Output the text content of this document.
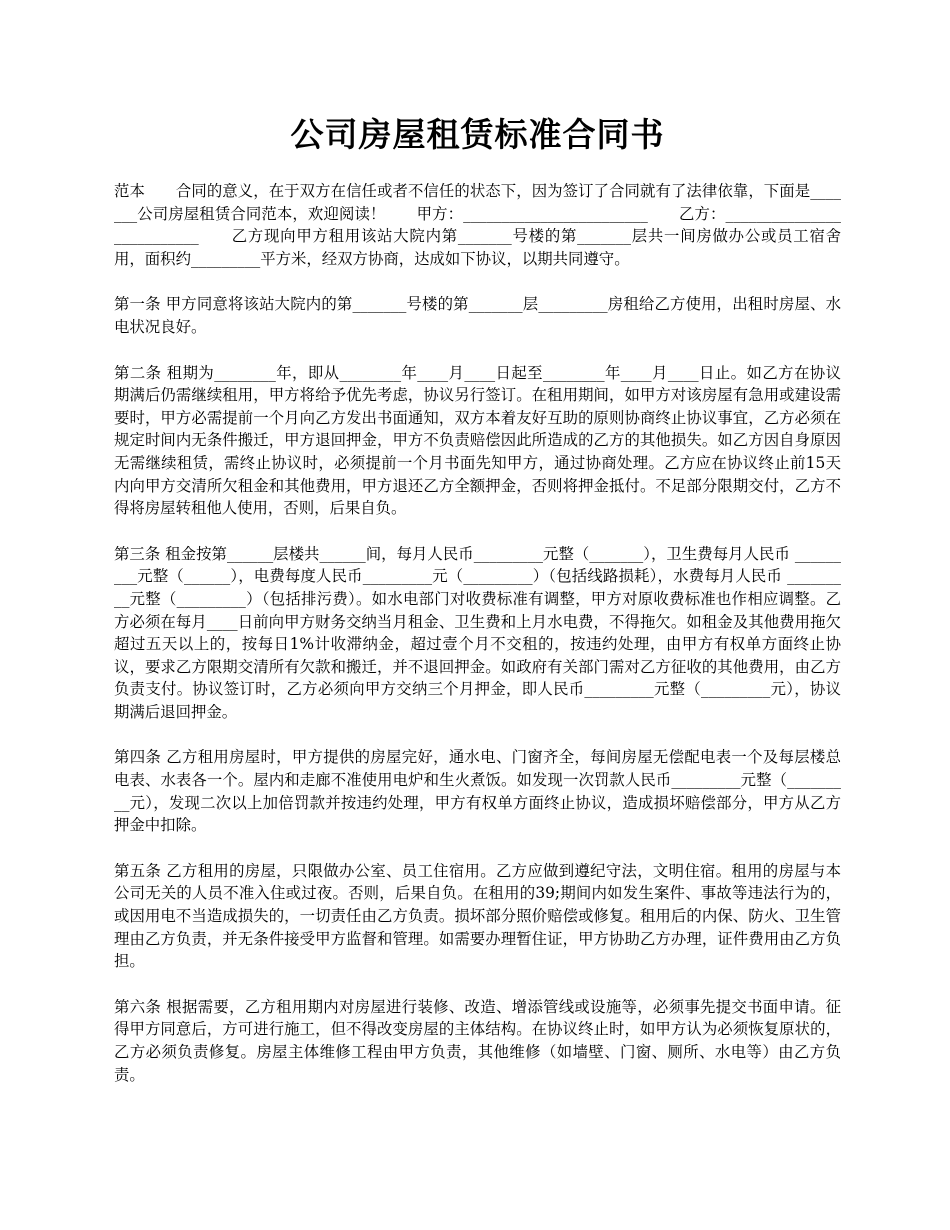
公司房屋租赁标准合同书

范本　　合同的意义，在于双方在信任或者不信任的状态下，因为签订了合同就有了法律依靠，下面是_______公司房屋租赁合同范本，欢迎阅读！　　甲方：________________________　　乙方：__________________________　　乙方现向甲方租用该站大院内第_______号楼的第_______层共一间房做办公或员工宿舍用，面积约_________平方米，经双方协商，达成如下协议，以期共同遵守。

第一条 甲方同意将该站大院内的第_______号楼的第_______层_________房租给乙方使用，出租时房屋、水电状况良好。

第二条 租期为________年，即从________年____月____日起至________年____月____日止。如乙方在协议期满后仍需继续租用，甲方将给予优先考虑，协议另行签订。在租用期间，如甲方对该房屋有急用或建设需要时，甲方必需提前一个月向乙方发出书面通知，双方本着友好互助的原则协商终止协议事宜，乙方必须在规定时间内无条件搬迁，甲方退回押金，甲方不负责赔偿因此所造成的乙方的其他损失。如乙方因自身原因无需继续租赁，需终止协议时，必须提前一个月书面先知甲方，通过协商处理。乙方应在协议终止前15天内向甲方交清所欠租金和其他费用，甲方退还乙方全额押金，否则将押金抵付。不足部分限期交付，乙方不得将房屋转租他人使用，否则，后果自负。

第三条 租金按第______层楼共______间，每月人民币_________元整（_______），卫生费每月人民币 _________元整（______），电费每度人民币_________元（_________）（包括线路损耗），水费每月人民币 _________元整（_________）（包括排污费）。如水电部门对收费标准有调整，甲方对原收费标准也作相应调整。乙方必须在每月____日前向甲方财务交纳当月租金、卫生费和上月水电费，不得拖欠。如租金及其他费用拖欠超过五天以上的，按每日1%计收滞纳金，超过壹个月不交租的，按违约处理，由甲方有权单方面终止协议，要求乙方限期交清所有欠款和搬迁，并不退回押金。如政府有关部门需对乙方征收的其他费用，由乙方负责支付。协议签订时，乙方必须向甲方交纳三个月押金，即人民币_________元整（_________元），协议期满后退回押金。

第四条 乙方租用房屋时，甲方提供的房屋完好，通水电、门窗齐全，每间房屋无偿配电表一个及每层楼总电表、水表各一个。屋内和走廊不准使用电炉和生火煮饭。如发现一次罚款人民币_________元整（_________元），发现二次以上加倍罚款并按违约处理，甲方有权单方面终止协议，造成损坏赔偿部分，甲方从乙方押金中扣除。

第五条 乙方租用的房屋，只限做办公室、员工住宿用。乙方应做到遵纪守法，文明住宿。租用的房屋与本公司无关的人员不准入住或过夜。否则，后果自负。在租用的39;期间内如发生案件、事故等违法行为的，或因用电不当造成损失的，一切责任由乙方负责。损坏部分照价赔偿或修复。租用后的内保、防火、卫生管理由乙方负责，并无条件接受甲方监督和管理。如需要办理暂住证，甲方协助乙方办理，证件费用由乙方负担。

第六条 根据需要，乙方租用期内对房屋进行装修、改造、增添管线或设施等，必须事先提交书面申请。征得甲方同意后，方可进行施工，但不得改变房屋的主体结构。在协议终止时，如甲方认为必须恢复原状的，乙方必须负责修复。房屋主体维修工程由甲方负责，其他维修（如墙壁、门窗、厕所、水电等）由乙方负责。
